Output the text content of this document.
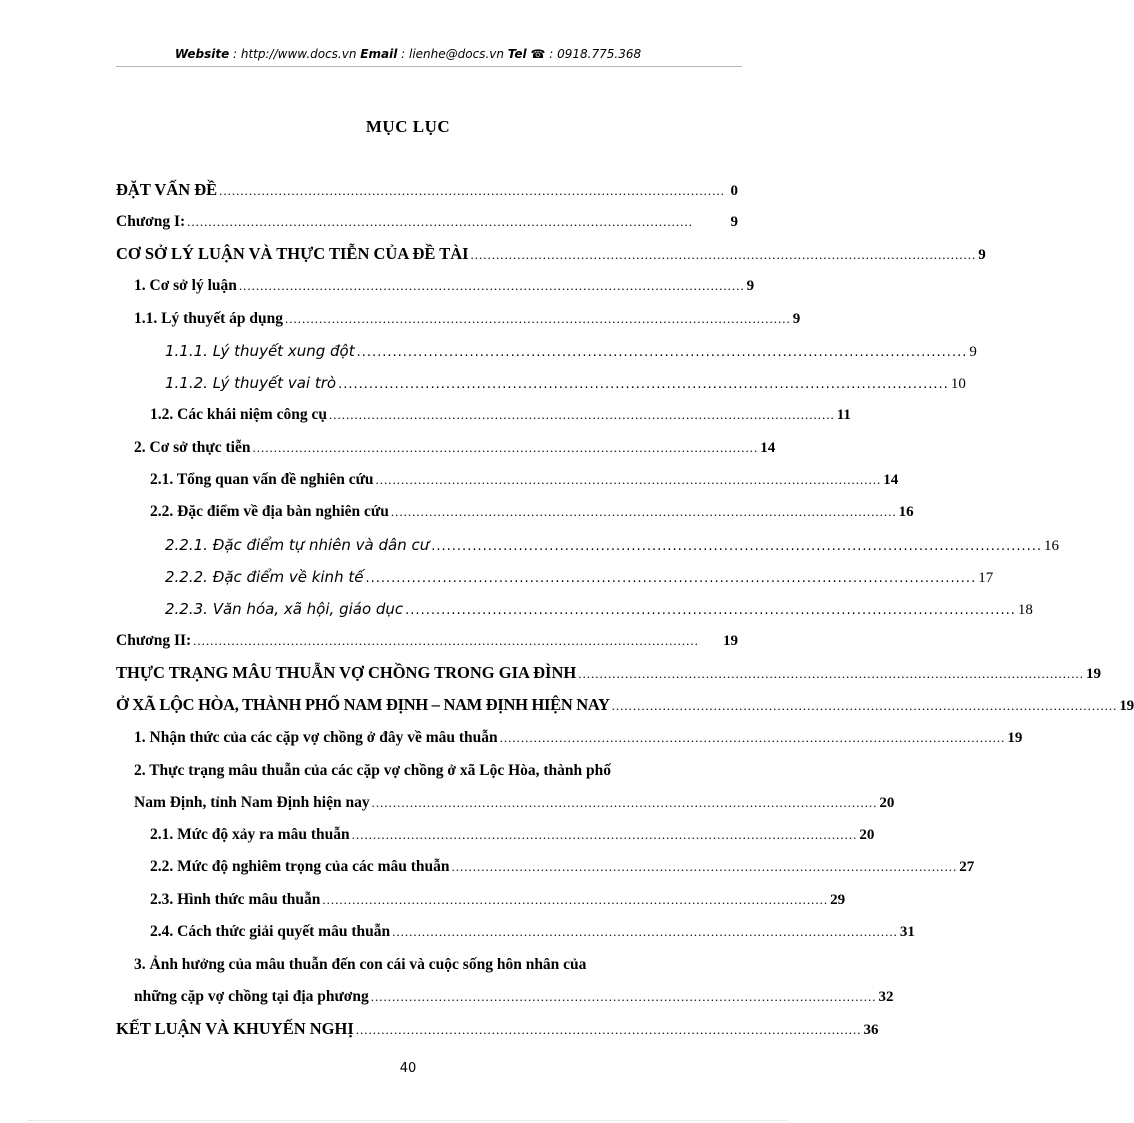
Website : http://www.docs.vn Email : lienhe@docs.vn Tel ☎ : 0918.775.368
MỤC LỤC
ĐẶT VẤN ĐỀ ....................................................................................................................... 0
Chương I: .......................................................................................................................	9
CƠ SỞ LÝ LUẬN VÀ THỰC TIỄN CỦA ĐỀ TÀI ....................................................................................................................... 9
1. Cơ sở lý luận ....................................................................................................................... 9
1.1. Lý thuyết áp dụng ....................................................................................................................... 9
1.1.1. Lý thuyết xung đột ....................................................................................................................... 9
1.1.2. Lý thuyết vai trò ....................................................................................................................... 10
1.2. Các khái niệm công cụ ....................................................................................................................... 11
2. Cơ sở thực tiễn ....................................................................................................................... 14
2.1. Tổng quan vấn đề nghiên cứu ....................................................................................................................... 14
2.2. Đặc điểm về địa bàn nghiên cứu ....................................................................................................................... 16
2.2.1. Đặc điểm tự nhiên và dân cư ....................................................................................................................... 16
2.2.2. Đặc điểm về kinh tế ....................................................................................................................... 17
2.2.3. Văn hóa, xã hội, giáo dục ....................................................................................................................... 18
Chương II: .......................................................................................................................	19
THỰC TRẠNG MÂU THUẪN VỢ CHỒNG TRONG GIA ĐÌNH ....................................................................................................................... 19
Ở XÃ LỘC HÒA, THÀNH PHỐ NAM ĐỊNH – NAM ĐỊNH HIỆN NAY ....................................................................................................................... 19
1. Nhận thức của các cặp vợ chồng ở đây về mâu thuẫn ....................................................................................................................... 19
2. Thực trạng mâu thuẫn của các cặp vợ chồng ở xã Lộc Hòa, thành phố
Nam Định, tỉnh Nam Định hiện nay ....................................................................................................................... 20
2.1. Mức độ xảy ra mâu thuẫn ....................................................................................................................... 20
2.2. Mức độ nghiêm trọng của các mâu thuẫn ....................................................................................................................... 27
2.3. Hình thức mâu thuẫn ....................................................................................................................... 29
2.4. Cách thức giải quyết mâu thuẫn ....................................................................................................................... 31
3. Ảnh hưởng của mâu thuẫn đến con cái và cuộc sống hôn nhân của
những cặp vợ chồng tại địa phương ....................................................................................................................... 32
KẾT LUẬN VÀ KHUYẾN NGHỊ ....................................................................................................................... 36
40
